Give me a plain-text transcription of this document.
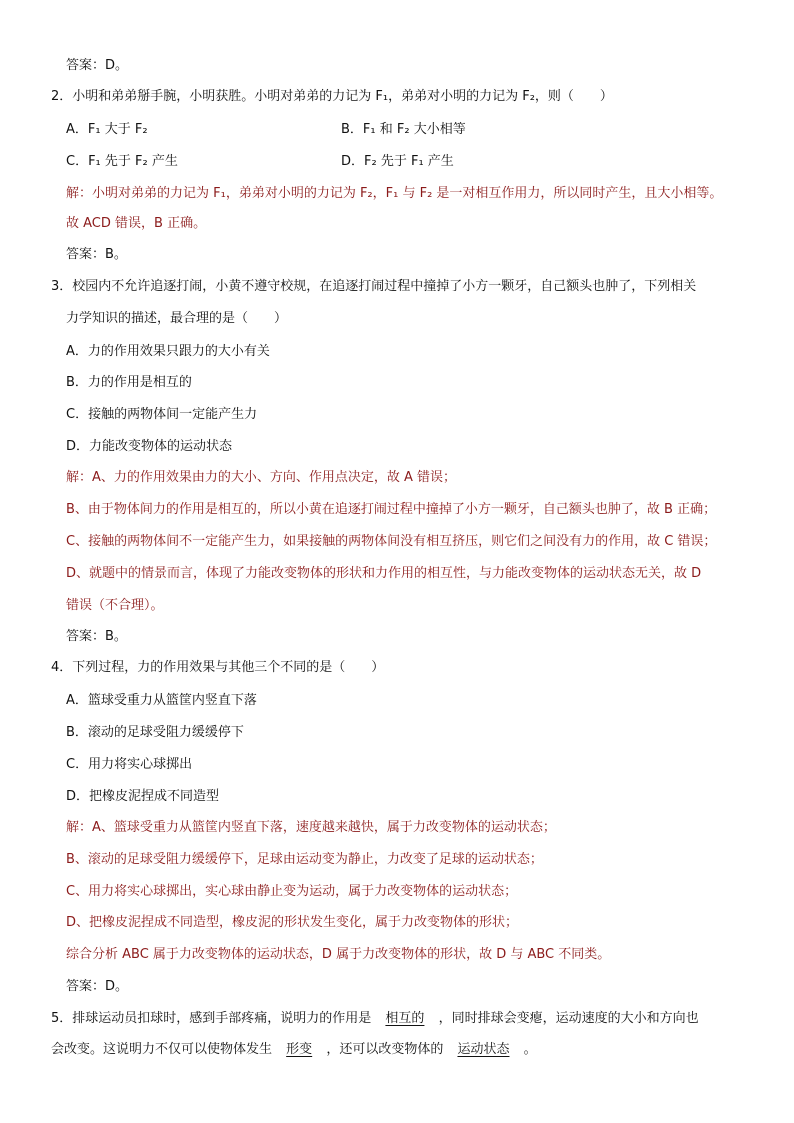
答案：D。
2．小明和弟弟掰手腕，小明获胜。小明对弟弟的力记为 F₁，弟弟对小明的力记为 F₂，则（　　）
A．F₁ 大于 F₂	B．F₁ 和 F₂ 大小相等
C．F₁ 先于 F₂ 产生	D．F₂ 先于 F₁ 产生
解：小明对弟弟的力记为 F₁，弟弟对小明的力记为 F₂，F₁ 与 F₂ 是一对相互作用力，所以同时产生，且大小相等。
故 ACD 错误，B 正确。
答案：B。
3．校园内不允许追逐打闹，小黄不遵守校规，在追逐打闹过程中撞掉了小方一颗牙，自己额头也肿了，下列相关
力学知识的描述，最合理的是（　　）
A．力的作用效果只跟力的大小有关
B．力的作用是相互的
C．接触的两物体间一定能产生力
D．力能改变物体的运动状态
解：A、力的作用效果由力的大小、方向、作用点决定，故 A 错误；
B、由于物体间力的作用是相互的，所以小黄在追逐打闹过程中撞掉了小方一颗牙，自己额头也肿了，故 B 正确；
C、接触的两物体间不一定能产生力，如果接触的两物体间没有相互挤压，则它们之间没有力的作用，故 C 错误；
D、就题中的情景而言，体现了力能改变物体的形状和力作用的相互性，与力能改变物体的运动状态无关，故 D
错误（不合理）。
答案：B。
4．下列过程，力的作用效果与其他三个不同的是（　　）
A．篮球受重力从篮筐内竖直下落
B．滚动的足球受阻力缓缓停下
C．用力将实心球掷出
D．把橡皮泥捏成不同造型
解：A、篮球受重力从篮筐内竖直下落，速度越来越快，属于力改变物体的运动状态；
B、滚动的足球受阻力缓缓停下，足球由运动变为静止，力改变了足球的运动状态；
C、用力将实心球掷出，实心球由静止变为运动，属于力改变物体的运动状态；
D、把橡皮泥捏成不同造型，橡皮泥的形状发生变化，属于力改变物体的形状；
综合分析 ABC 属于力改变物体的运动状态，D 属于力改变物体的形状，故 D 与 ABC 不同类。
答案：D。
5．排球运动员扣球时，感到手部疼痛，说明力的作用是 相互的 ，同时排球会变瘪，运动速度的大小和方向也
会改变。这说明力不仅可以使物体发生 形变 ，还可以改变物体的 运动状态 。
